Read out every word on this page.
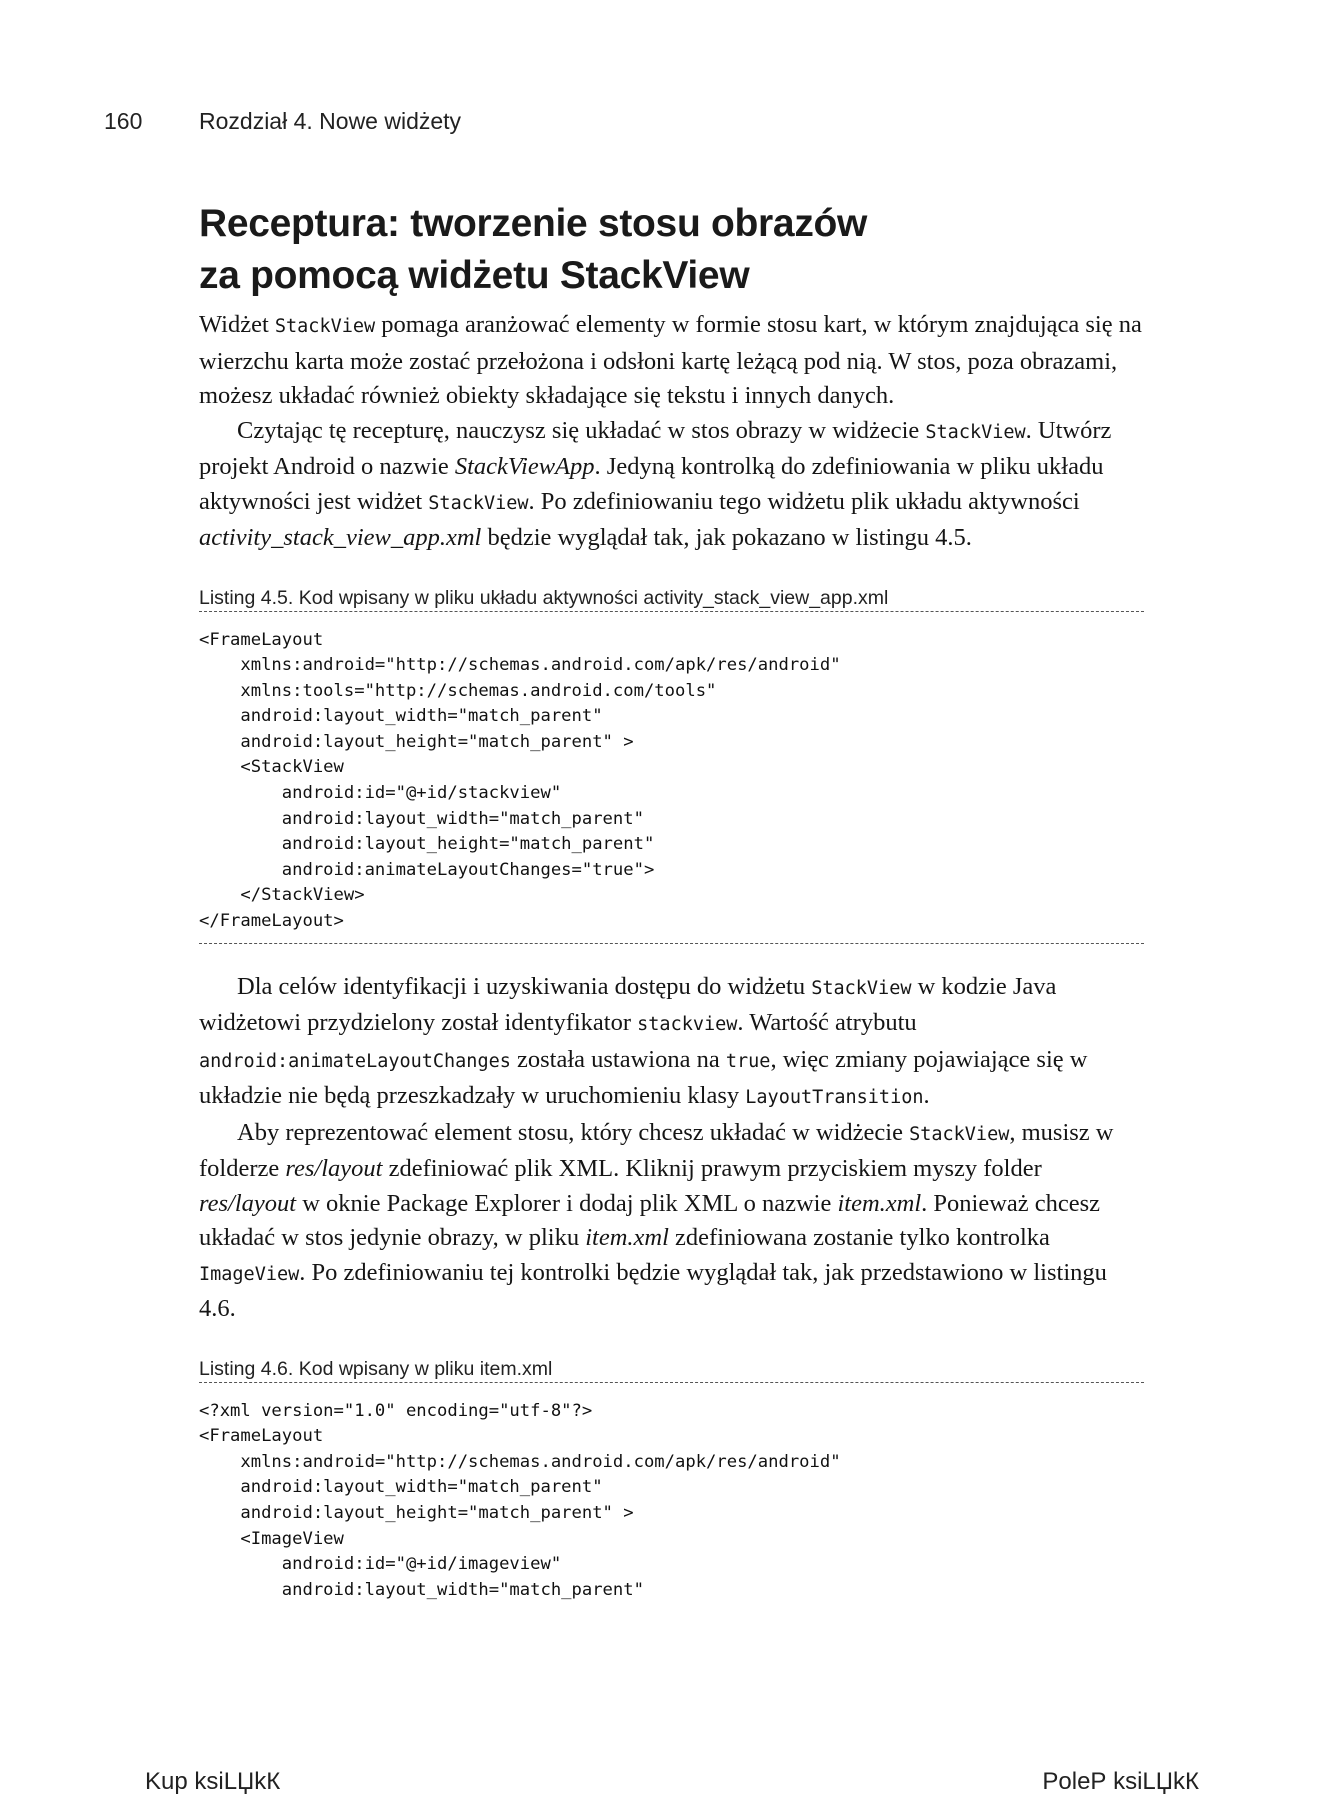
160 Rozdział 4. Nowe widżety
Receptura: tworzenie stosu obrazów
za pomocą widżetu StackView

Widżet StackView pomaga aranżować elementy w formie stosu kart, w którym znajdująca się na wierzchu karta może zostać przełożona i odsłoni kartę leżącą pod nią. W stos, poza obrazami, możesz układać również obiekty składające się tekstu i innych danych.

Czytając tę recepturę, nauczysz się układać w stos obrazy w widżecie StackView. Utwórz projekt Android o nazwie StackViewApp. Jedyną kontrolką do zdefiniowania w pliku układu aktywności jest widżet StackView. Po zdefiniowaniu tego widżetu plik układu aktywności activity_stack_view_app.xml będzie wyglądał tak, jak pokazano w listingu 4.5.

Listing 4.5. Kod wpisany w pliku układu aktywności activity_stack_view_app.xml
<FrameLayout
xmlns:android="http://schemas.android.com/apk/res/android"
xmlns:tools="http://schemas.android.com/tools"
android:layout_width="match_parent"
android:layout_height="match_parent" >
<StackView
android:id="@+id/stackview"
android:layout_width="match_parent"
android:layout_height="match_parent"
android:animateLayoutChanges="true">
</StackView>
</FrameLayout>

Dla celów identyfikacji i uzyskiwania dostępu do widżetu StackView w kodzie Java widżetowi przydzielony został identyfikator stackview. Wartość atrybutu android:animateLayoutChanges została ustawiona na true, więc zmiany pojawiające się w układzie nie będą przeszkadzały w uruchomieniu klasy LayoutTransition.

Aby reprezentować element stosu, który chcesz układać w widżecie StackView, musisz w folderze res/layout zdefiniować plik XML. Kliknij prawym przyciskiem myszy folder res/layout w oknie Package Explorer i dodaj plik XML o nazwie item.xml. Ponieważ chcesz układać w stos jedynie obrazy, w pliku item.xml zdefiniowana zostanie tylko kontrolka ImageView. Po zdefiniowaniu tej kontrolki będzie wyglądał tak, jak przedstawiono w listingu 4.6.

Listing 4.6. Kod wpisany w pliku item.xml
<?xml version="1.0" encoding="utf-8"?>
<FrameLayout
xmlns:android="http://schemas.android.com/apk/res/android"
android:layout_width="match_parent"
android:layout_height="match_parent" >
<ImageView
android:id="@+id/imageview"
android:layout_width="match_parent"
Kup ksiLЏkК	PoleР ksiLЏkК
